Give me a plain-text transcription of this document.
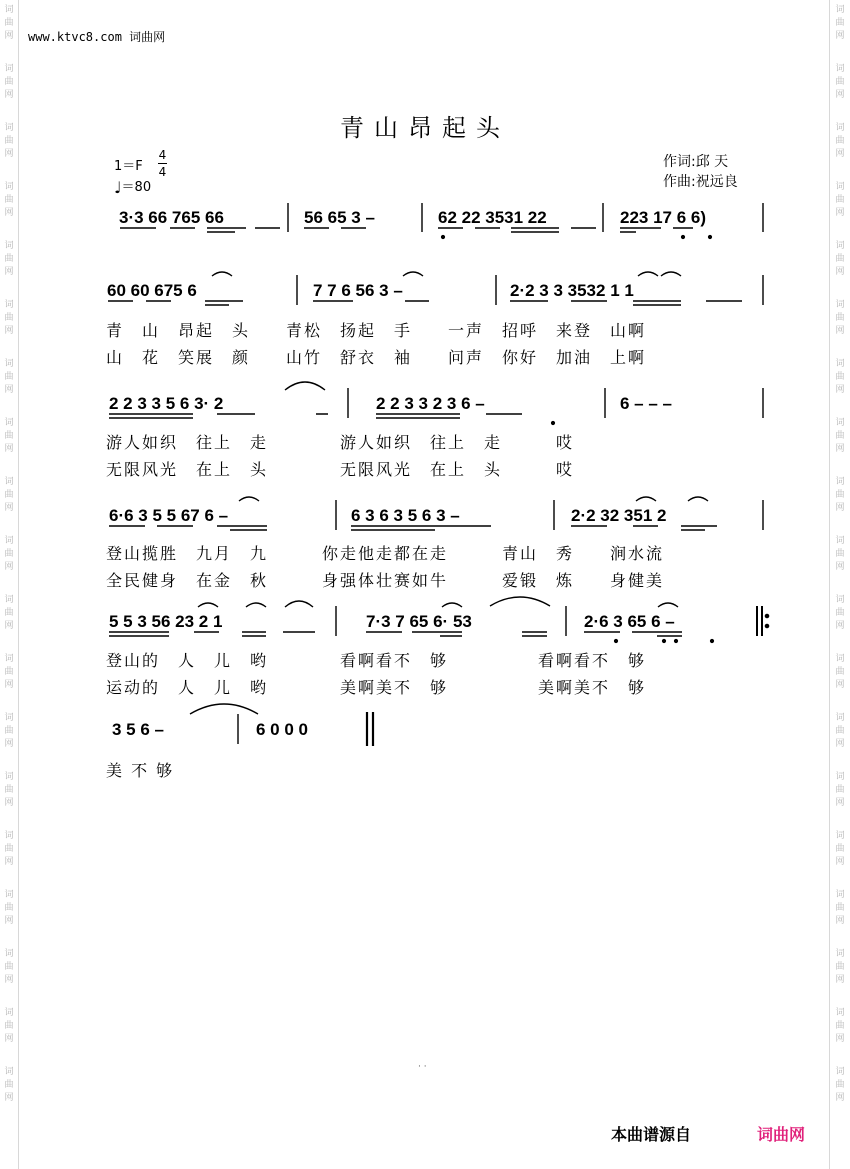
词
曲
网
词
曲
网
词
曲
网
词
曲
网
词
曲
网
词
曲
网
词
曲
网
词
曲
网
词
曲
网
词
曲
网
词
曲
网
词
曲
网
词
曲
网
词
曲
网
词
曲
网
词
曲
网
词
曲
网
词
曲
网
词
曲
网
词
曲
网
词
曲
网
词
曲
网
词
曲
网
词
曲
网
词
曲
网
词
曲
网
词
曲
网
词
曲
网
词
曲
网
词
曲
网
词
曲
网
词
曲
网
词
曲
网
词
曲
网
词
曲
网
词
曲
网
词
曲
网
词
曲
网
www.ktvc8.com 词曲网
青山昂起头
1＝F
4
4
♩＝80
作词:邱 天
作曲:祝远良
3·3 66 765 66	56 65 3 –	62 22 3531 22	223 17 6 6)
60 60 675 6	7 7 6 56 3 –	2·2 3 3 3532 1 1
2 2 3 3 5 6 3· 2	2 2 3 3 2 3 6 –	6 – – –
6·6 3 5 5 67 6 –	6 3 6 3 5 6 3 –	2·2 32 351 2
5 5 3 56 23 2 1	7·3 7 65 6· 53	2·6 3 65 6 –
3 5 6 –	6 0 0 0
青　山　昂起　头　　青松　扬起　手　　一声　招呼　来登　山啊
山　花　笑展　颜　　山竹　舒衣　袖　　问声　你好　加油　上啊
游人如织　往上　走　　　　游人如织　往上　走　　　哎
无限风光　在上　头　　　　无限风光　在上　头　　　哎
登山揽胜　九月　九　　　你走他走都在走　　　青山　秀　　涧水流
全民健身　在金　秋　　　身强体壮赛如牛　　　爱锻　炼　　身健美
登山的　人　儿　哟　　　　看啊看不　够　　　　　看啊看不　够
运动的　人　儿　哟　　　　美啊美不　够　　　　　美啊美不　够
美 不 够
· ·
本曲谱源自	词曲网
